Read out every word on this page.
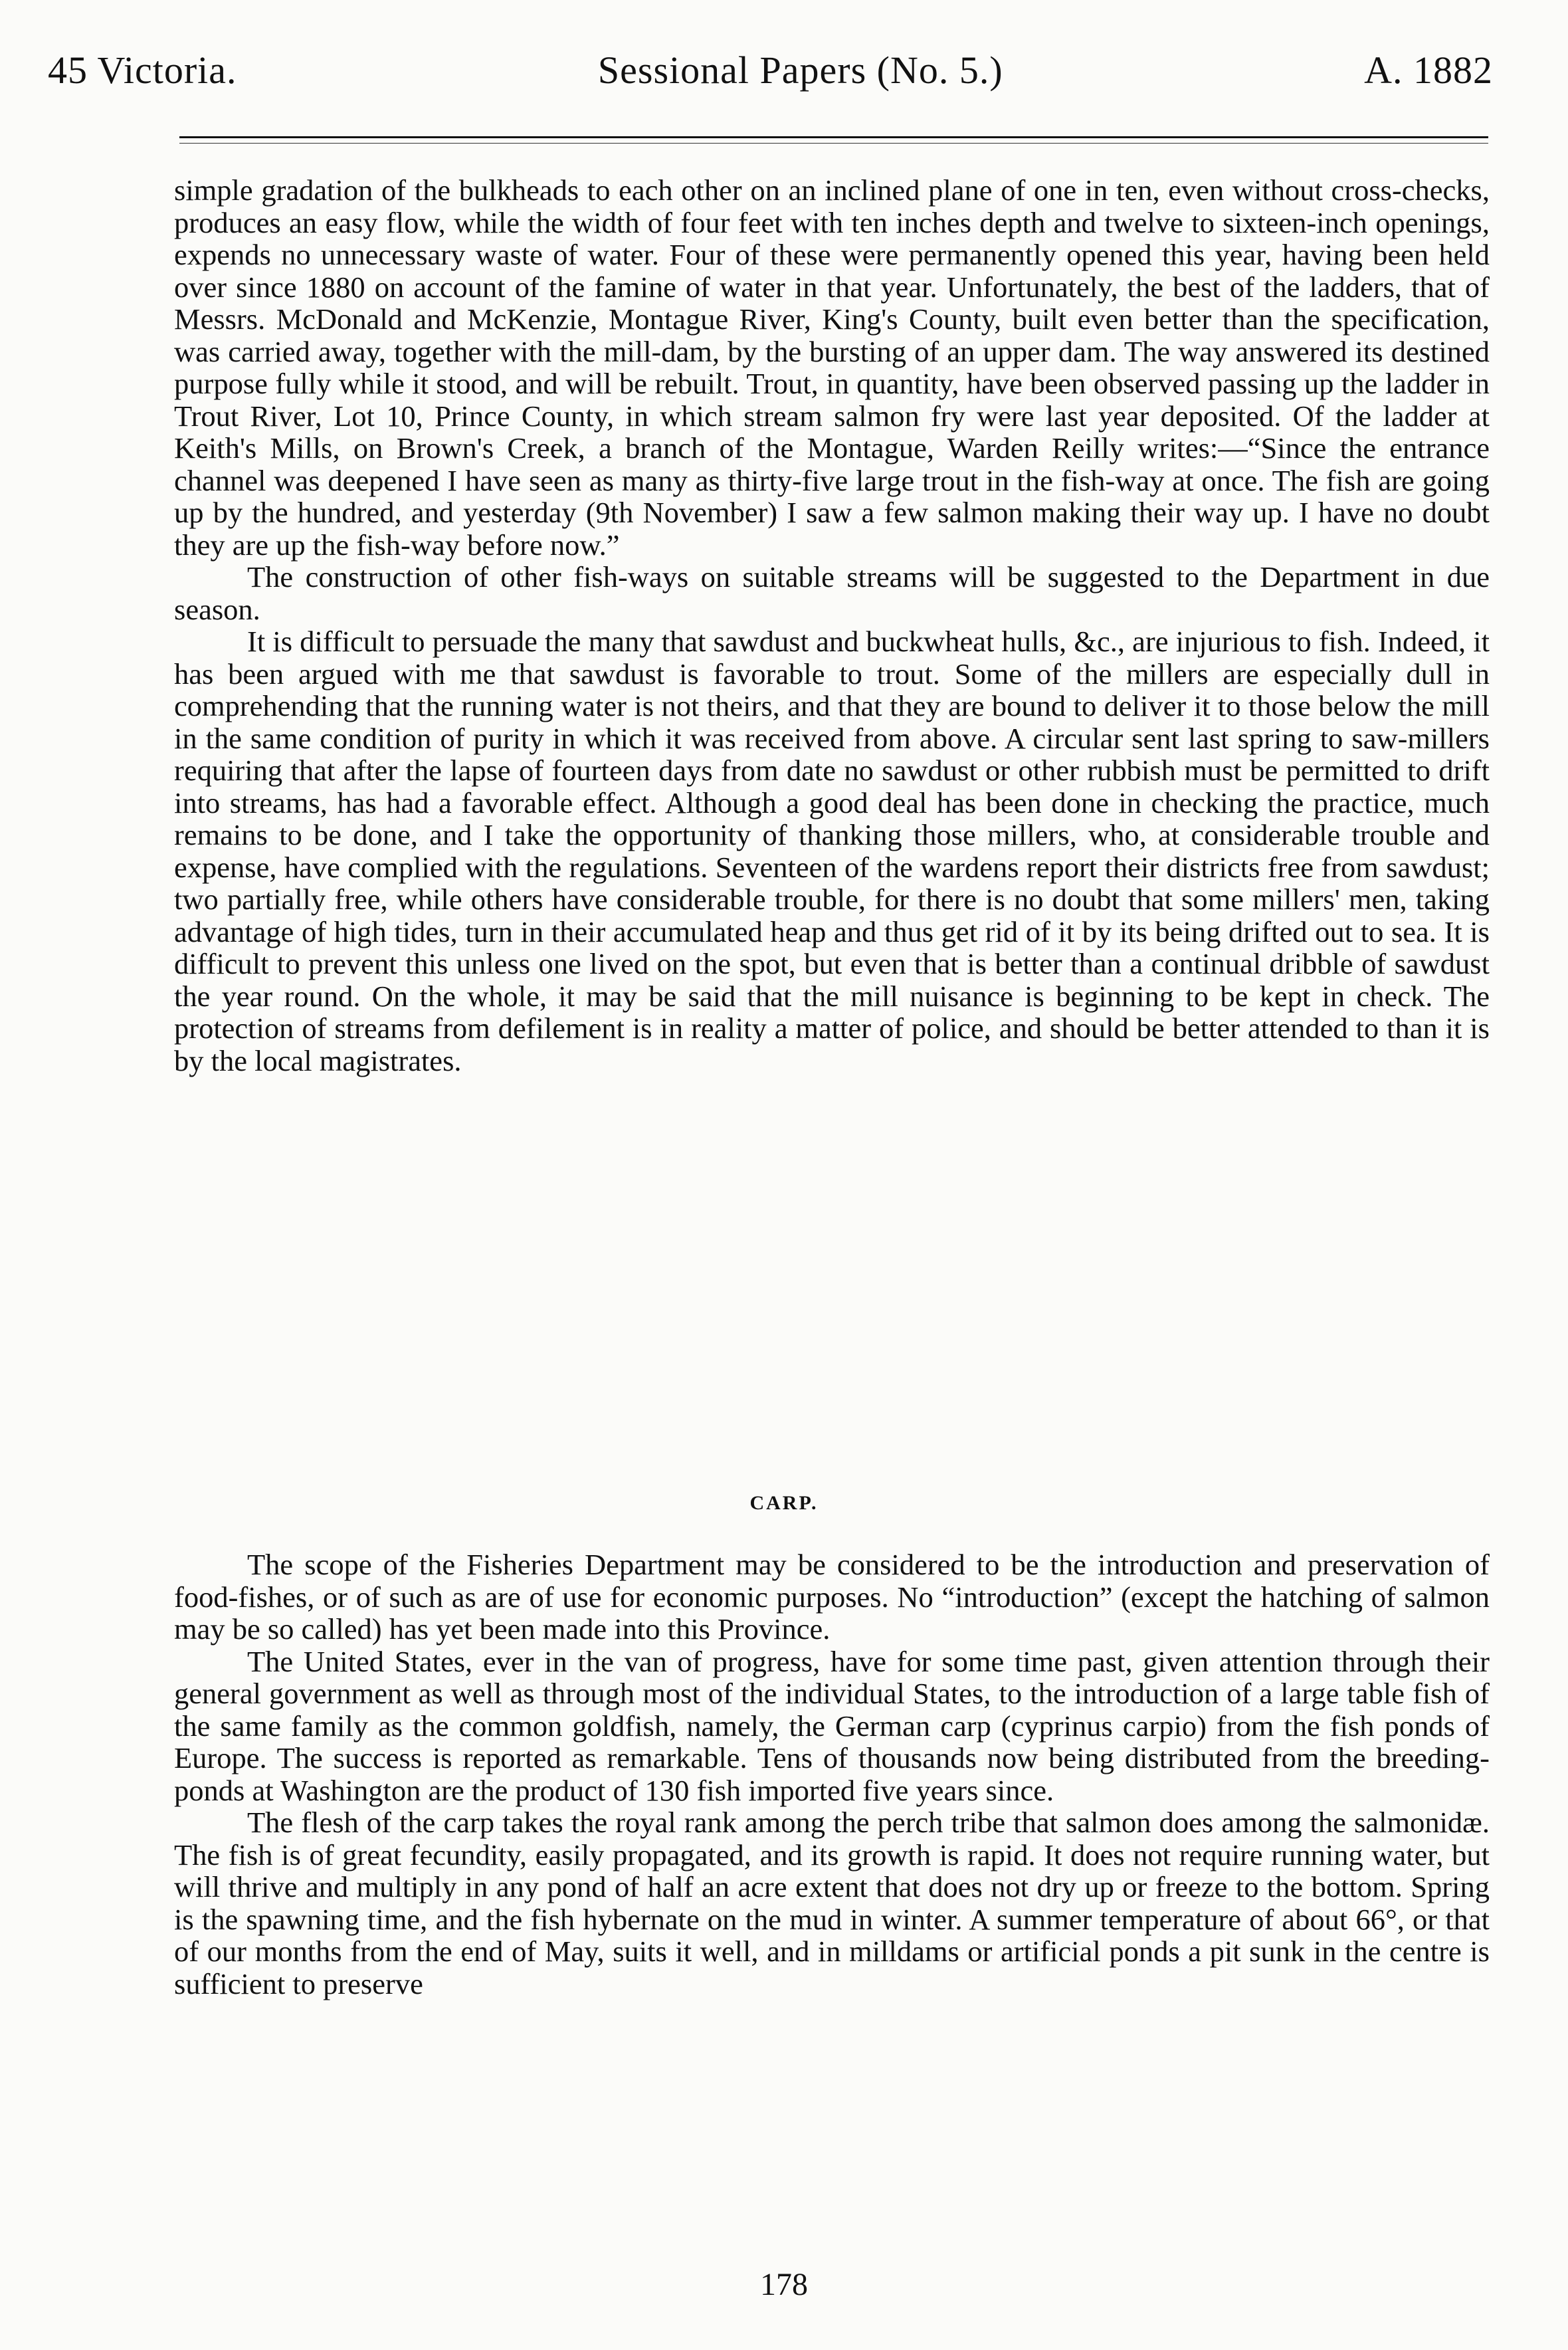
45 Victoria.	Sessional Papers (No. 5.)	A. 1882

simple gradation of the bulkheads to each other on an inclined plane of one in ten, even without cross-checks, produces an easy flow, while the width of four feet with ten inches depth and twelve to sixteen-inch openings, expends no unnecessary waste of water. Four of these were permanently opened this year, having been held over since 1880 on account of the famine of water in that year. Unfortunately, the best of the ladders, that of Messrs. McDonald and McKenzie, Montague River, King's County, built even better than the specification, was carried away, together with the mill-dam, by the bursting of an upper dam. The way answered its destined purpose fully while it stood, and will be rebuilt. Trout, in quantity, have been observed passing up the ladder in Trout River, Lot 10, Prince County, in which stream salmon fry were last year deposited. Of the ladder at Keith's Mills, on Brown's Creek, a branch of the Montague, Warden Reilly writes:—“Since the entrance channel was deepened I have seen as many as thirty-five large trout in the fish-way at once. The fish are going up by the hundred, and yesterday (9th November) I saw a few salmon making their way up. I have no doubt they are up the fish-way before now.”

The construction of other fish-ways on suitable streams will be suggested to the Department in due season.

It is difficult to persuade the many that sawdust and buckwheat hulls, &c., are injurious to fish. Indeed, it has been argued with me that sawdust is favorable to trout. Some of the millers are especially dull in comprehending that the running water is not theirs, and that they are bound to deliver it to those below the mill in the same condition of purity in which it was received from above. A circular sent last spring to saw-millers requiring that after the lapse of fourteen days from date no sawdust or other rubbish must be permitted to drift into streams, has had a favorable effect. Although a good deal has been done in checking the practice, much remains to be done, and I take the opportunity of thanking those millers, who, at considerable trouble and expense, have complied with the regulations. Seventeen of the wardens report their districts free from sawdust; two partially free, while others have considerable trouble, for there is no doubt that some millers' men, taking advantage of high tides, turn in their accumulated heap and thus get rid of it by its being drifted out to sea. It is difficult to prevent this unless one lived on the spot, but even that is better than a continual dribble of sawdust the year round. On the whole, it may be said that the mill nuisance is beginning to be kept in check. The protection of streams from defilement is in reality a matter of police, and should be better attended to than it is by the local magistrates.

CARP.

The scope of the Fisheries Department may be considered to be the introduction and preservation of food-fishes, or of such as are of use for economic purposes. No “introduction” (except the hatching of salmon may be so called) has yet been made into this Province.

The United States, ever in the van of progress, have for some time past, given attention through their general government as well as through most of the individual States, to the introduction of a large table fish of the same family as the common goldfish, namely, the German carp (cyprinus carpio) from the fish ponds of Europe. The success is reported as remarkable. Tens of thousands now being distributed from the breeding-ponds at Washington are the product of 130 fish imported five years since.

The flesh of the carp takes the royal rank among the perch tribe that salmon does among the salmonidæ. The fish is of great fecundity, easily propagated, and its growth is rapid. It does not require running water, but will thrive and multiply in any pond of half an acre extent that does not dry up or freeze to the bottom. Spring is the spawning time, and the fish hybernate on the mud in winter. A summer temperature of about 66°, or that of our months from the end of May, suits it well, and in milldams or artificial ponds a pit sunk in the centre is sufficient to preserve

178
